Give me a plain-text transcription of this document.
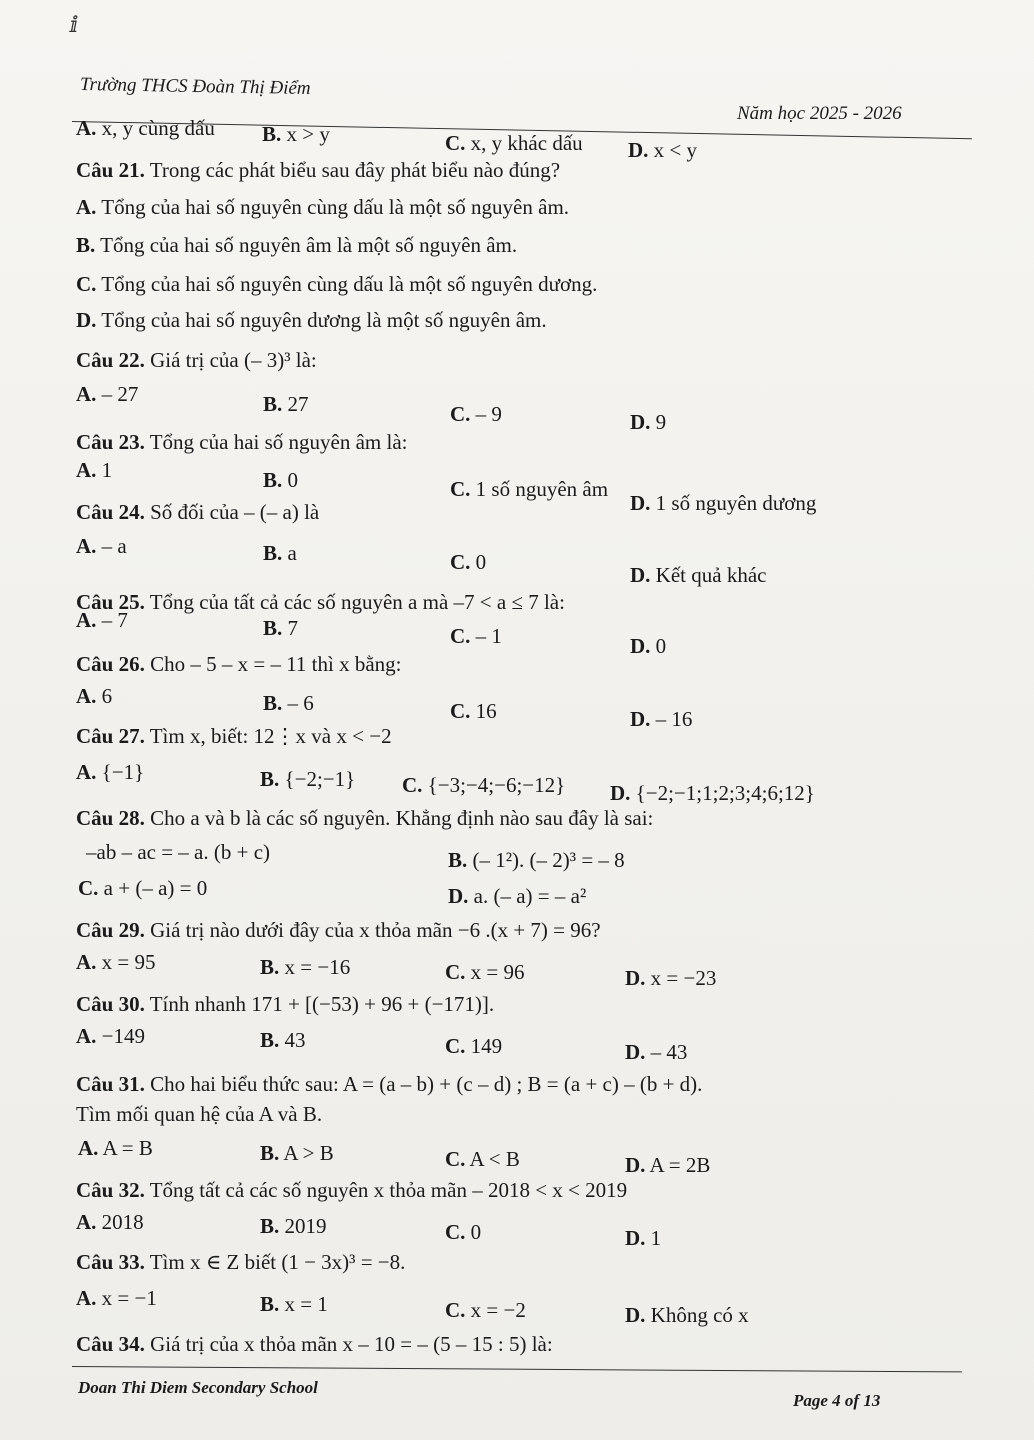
ⅈ
Trường THCS Đoàn Thị Điểm
Năm học 2025 - 2026
A. x, y cùng dấu B. x > y	C. x, y khác dấu D. x < y
Câu 21. Trong các phát biểu sau đây phát biểu nào đúng?
A. Tổng của hai số nguyên cùng dấu là một số nguyên âm.
B. Tổng của hai số nguyên âm là một số nguyên âm.
C. Tổng của hai số nguyên cùng dấu là một số nguyên dương.
D. Tổng của hai số nguyên dương là một số nguyên âm.
Câu 22. Giá trị của (– 3)³ là:
A. – 27	B. 27	C. – 9	D. 9
Câu 23. Tổng của hai số nguyên âm là:
A. 1	B. 0	C. 1 số nguyên âm
D. 1 số nguyên dương
Câu 24. Số đối của – (– a) là
A. – a	B. a	C. 0
D. Kết quả khác
Câu 25. Tổng của tất cả các số nguyên a mà –7 < a ≤ 7 là:
A. – 7	B. 7	C. – 1	D. 0
Câu 26. Cho – 5 – x = – 11 thì x bằng:
A. 6	B. – 6	C. 16	D. – 16
Câu 27. Tìm x, biết: 12⋮x và x < −2
A. {−1}	B. {−2;−1} C. {−3;−4;−6;−12} D. {−2;−1;1;2;3;4;6;12}
Câu 28. Cho a và b là các số nguyên. Khẳng định nào sau đây là sai:
–ab – ac = – a. (b + c)	B. (– 1²). (– 2)³ = – 8
C. a + (– a) = 0	D. a. (– a) = – a²
Câu 29. Giá trị nào dưới đây của x thỏa mãn −6 .(x + 7) = 96?
A. x = 95	B. x = −16	C. x = 96	D. x = −23
Câu 30. Tính nhanh 171 + [(−53) + 96 + (−171)].
A. −149	B. 43	C. 149	D. – 43
Câu 31. Cho hai biểu thức sau: A = (a – b) + (c – d) ; B = (a + c) – (b + d).
Tìm mối quan hệ của A và B.
A. A = B	B. A > B	C. A < B	D. A = 2B
Câu 32. Tổng tất cả các số nguyên x thỏa mãn – 2018 < x < 2019
A. 2018	B. 2019	C. 0	D. 1
Câu 33. Tìm x ∈ Z biết (1 − 3x)³ = −8.
A. x = −1	B. x = 1	C. x = −2	D. Không có x
Câu 34. Giá trị của x thỏa mãn x – 10 = – (5 – 15 : 5) là:
Doan Thi Diem Secondary School
Page 4 of 13
